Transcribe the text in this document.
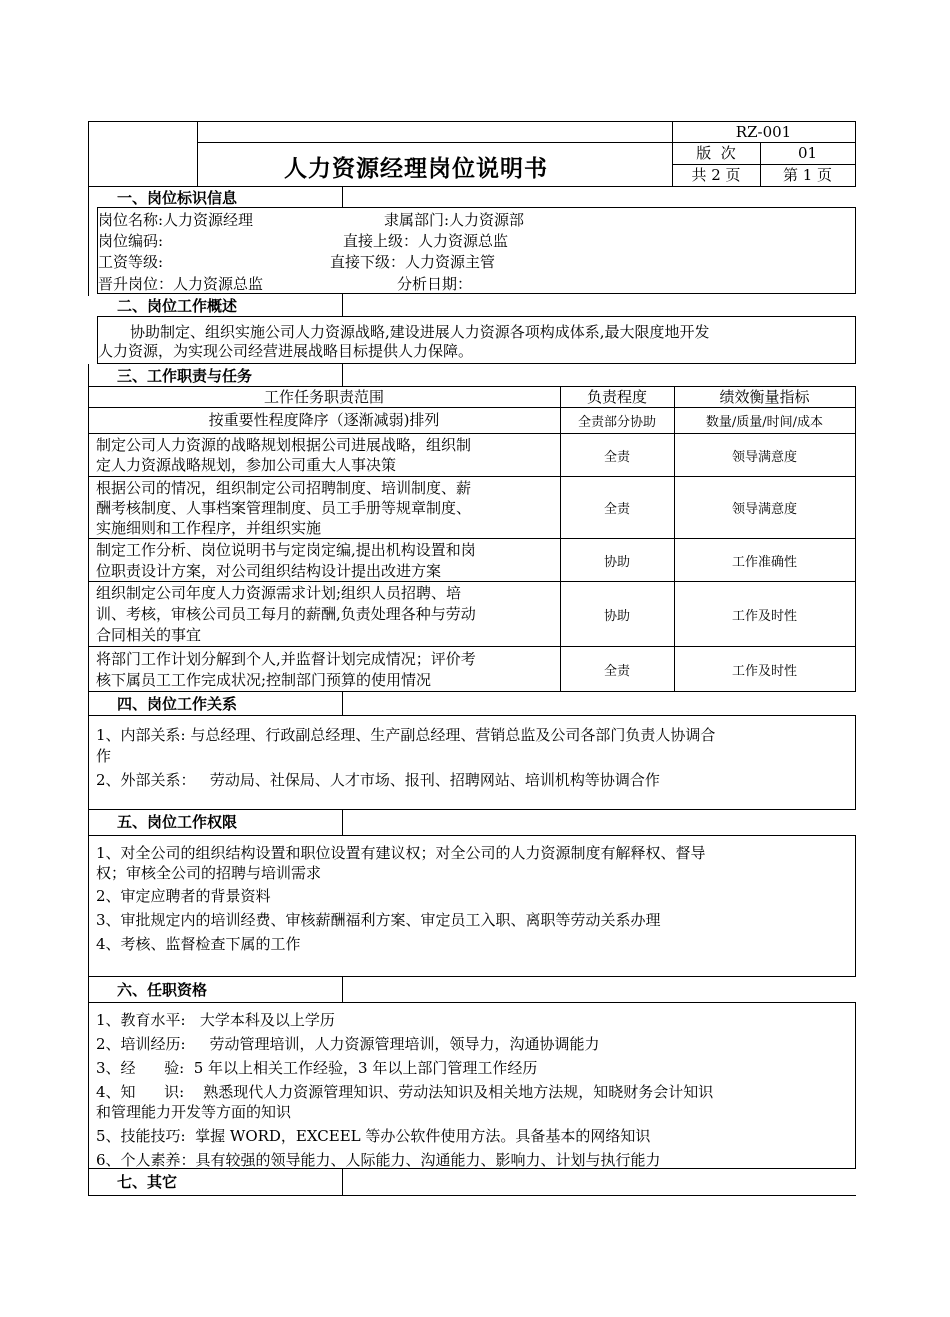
RZ-001
人力资源经理岗位说明书
版  次	01
共 2 页	第 1 页
一、岗位标识信息
岗位名称:人力资源经理	隶属部门:人力资源部
岗位编码:	直接上级：人力资源总监
工资等级:	直接下级：人力资源主管
晋升岗位：人力资源总监	分析日期：
二、岗位工作概述
协助制定、组织实施公司人力资源战略,建设进展人力资源各项构成体系,最大限度地开发
人力资源，为实现公司经营进展战略目标提供人力保障。
三、工作职责与任务
工作任务职责范围	负责程度	绩效衡量指标
按重要性程度降序（逐渐减弱)排列	全责部分协助	数量/质量/时间/成本
制定公司人力资源的战略规划根据公司进展战略，组织制
定人力资源战略规划，参加公司重大人事决策	全责	领导满意度
根据公司的情况，组织制定公司招聘制度、培训制度、薪
酬考核制度、人事档案管理制度、员工手册等规章制度、
实施细则和工作程序，并组织实施
全责	领导满意度
制定工作分析、岗位说明书与定岗定编,提出机构设置和岗
位职责设计方案，对公司组织结构设计提出改进方案	协助	工作准确性
组织制定公司年度人力资源需求计划;组织人员招聘、培
训、考核，审核公司员工每月的薪酬,负责处理各种与劳动
合同相关的事宜
协助	工作及时性
将部门工作计划分解到个人,并监督计划完成情况；评价考
核下属员工工作完成状况;控制部门预算的使用情况	全责	工作及时性
四、岗位工作关系
1、内部关系: 与总经理、行政副总经理、生产副总经理、营销总监及公司各部门负责人协调合
作
2、外部关系：   劳动局、社保局、人才市场、报刊、招聘网站、培训机构等协调合作
五、岗位工作权限
1、对全公司的组织结构设置和职位设置有建议权；对全公司的人力资源制度有解释权、督导
权；审核全公司的招聘与培训需求
2、审定应聘者的背景资料
3、审批规定内的培训经费、审核薪酬福利方案、审定员工入职、离职等劳动关系办理
4、考核、监督检查下属的工作
六、任职资格
1、教育水平:   大学本科及以上学历
2、培训经历:     劳动管理培训，人力资源管理培训，领导力，沟通协调能力
3、经      验:  5 年以上相关工作经验，3 年以上部门管理工作经历
4、知      识:    熟悉现代人力资源管理知识、劳动法知识及相关地方法规，知晓财务会计知识
和管理能力开发等方面的知识
5、技能技巧:  掌握 WORD，EXCEEL 等办公软件使用方法。具备基本的网络知识
6、个人素养：具有较强的领导能力、人际能力、沟通能力、影响力、计划与执行能力
七、其它
